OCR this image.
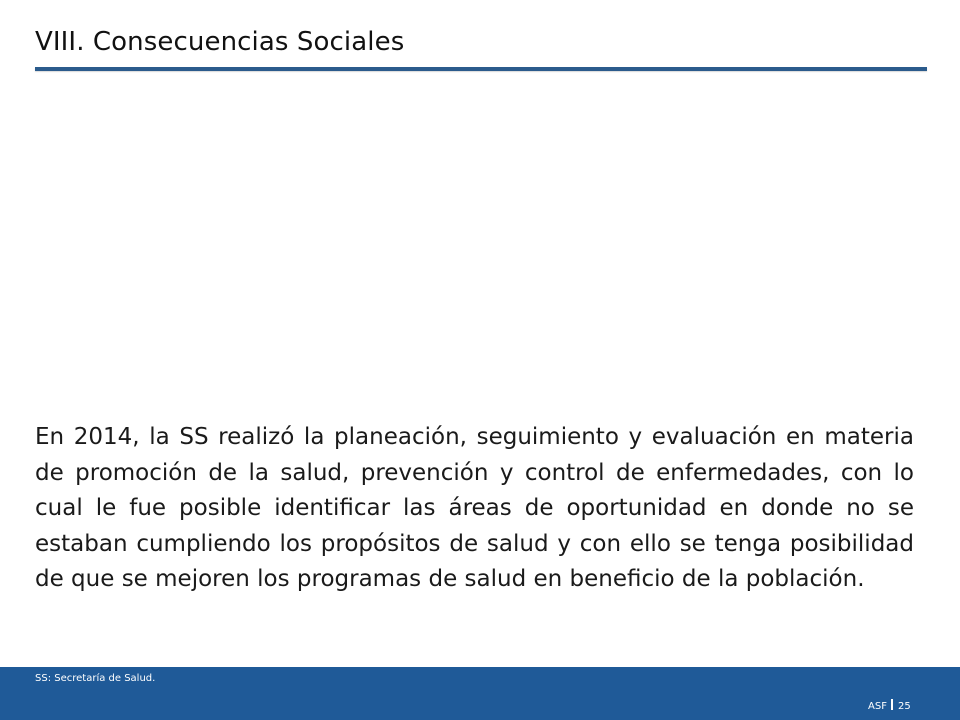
VIII. Consecuencias Sociales

En 2014, la SS realizó la planeación, seguimiento y evaluación en materia de promoción de la salud, prevención y control de enfermedades, con lo cual le fue posible identificar las áreas de oportunidad en donde no se estaban cumpliendo los propósitos de salud y con ello se tenga posibilidad de que se mejoren los programas de salud en beneficio de la población.

SS: Secretaría de Salud.
ASF 25
